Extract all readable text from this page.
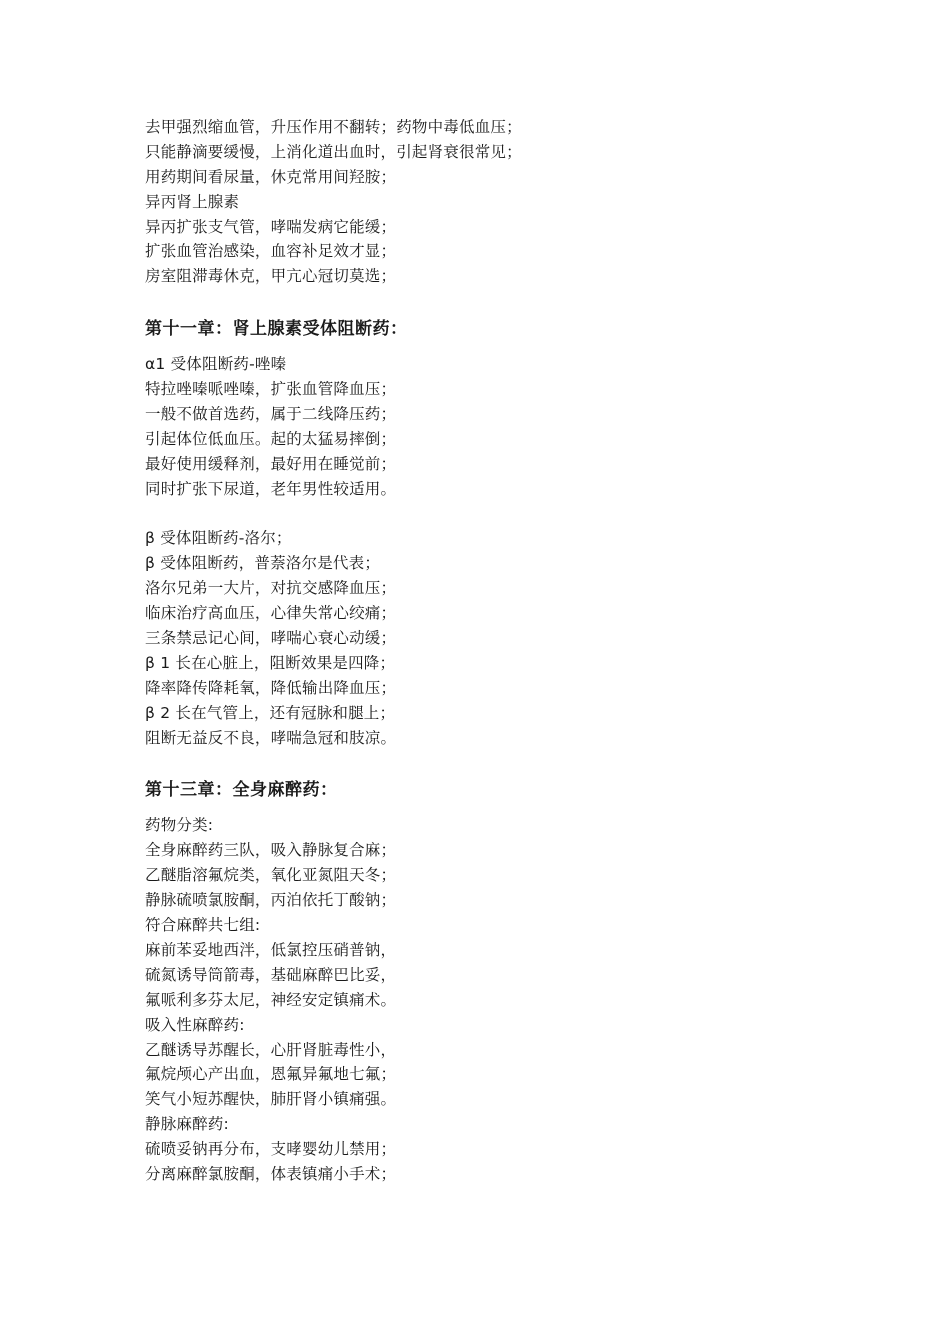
去甲强烈缩血管，升压作用不翻转；药物中毒低血压；
只能静滴要缓慢，上消化道出血时，引起肾衰很常见；
用药期间看尿量，休克常用间羟胺；
异丙肾上腺素
异丙扩张支气管，哮喘发病它能缓；
扩张血管治感染，血容补足效才显；
房室阻滞毒休克，甲亢心冠切莫选；
第十一章：肾上腺素受体阻断药：
α1 受体阻断药-唑嗪
特拉唑嗪哌唑嗪，扩张血管降血压；
一般不做首选药，属于二线降压药；
引起体位低血压。起的太猛易摔倒；
最好使用缓释剂，最好用在睡觉前；
同时扩张下尿道，老年男性较适用。
β 受体阻断药-洛尔；
β 受体阻断药，普萘洛尔是代表；
洛尔兄弟一大片，对抗交感降血压；
临床治疗高血压，心律失常心绞痛；
三条禁忌记心间，哮喘心衰心动缓；
β 1 长在心脏上，阻断效果是四降；
降率降传降耗氧，降低输出降血压；
β 2 长在气管上，还有冠脉和腿上；
阻断无益反不良，哮喘急冠和肢凉。
第十三章：全身麻醉药：
药物分类:
全身麻醉药三队，吸入静脉复合麻；
乙醚脂溶氟烷类，氧化亚氮阻天冬；
静脉硫喷氯胺酮，丙泊依托丁酸钠；
符合麻醉共七组:
麻前苯妥地西泮，低氯控压硝普钠，
硫氮诱导筒箭毒，基础麻醉巴比妥，
氟哌利多芬太尼，神经安定镇痛术。
吸入性麻醉药:
乙醚诱导苏醒长，心肝肾脏毒性小，
氟烷颅心产出血，恩氟异氟地七氟；
笑气小短苏醒快，肺肝肾小镇痛强。
静脉麻醉药:
硫喷妥钠再分布，支哮婴幼儿禁用；
分离麻醉氯胺酮，体表镇痛小手术；
